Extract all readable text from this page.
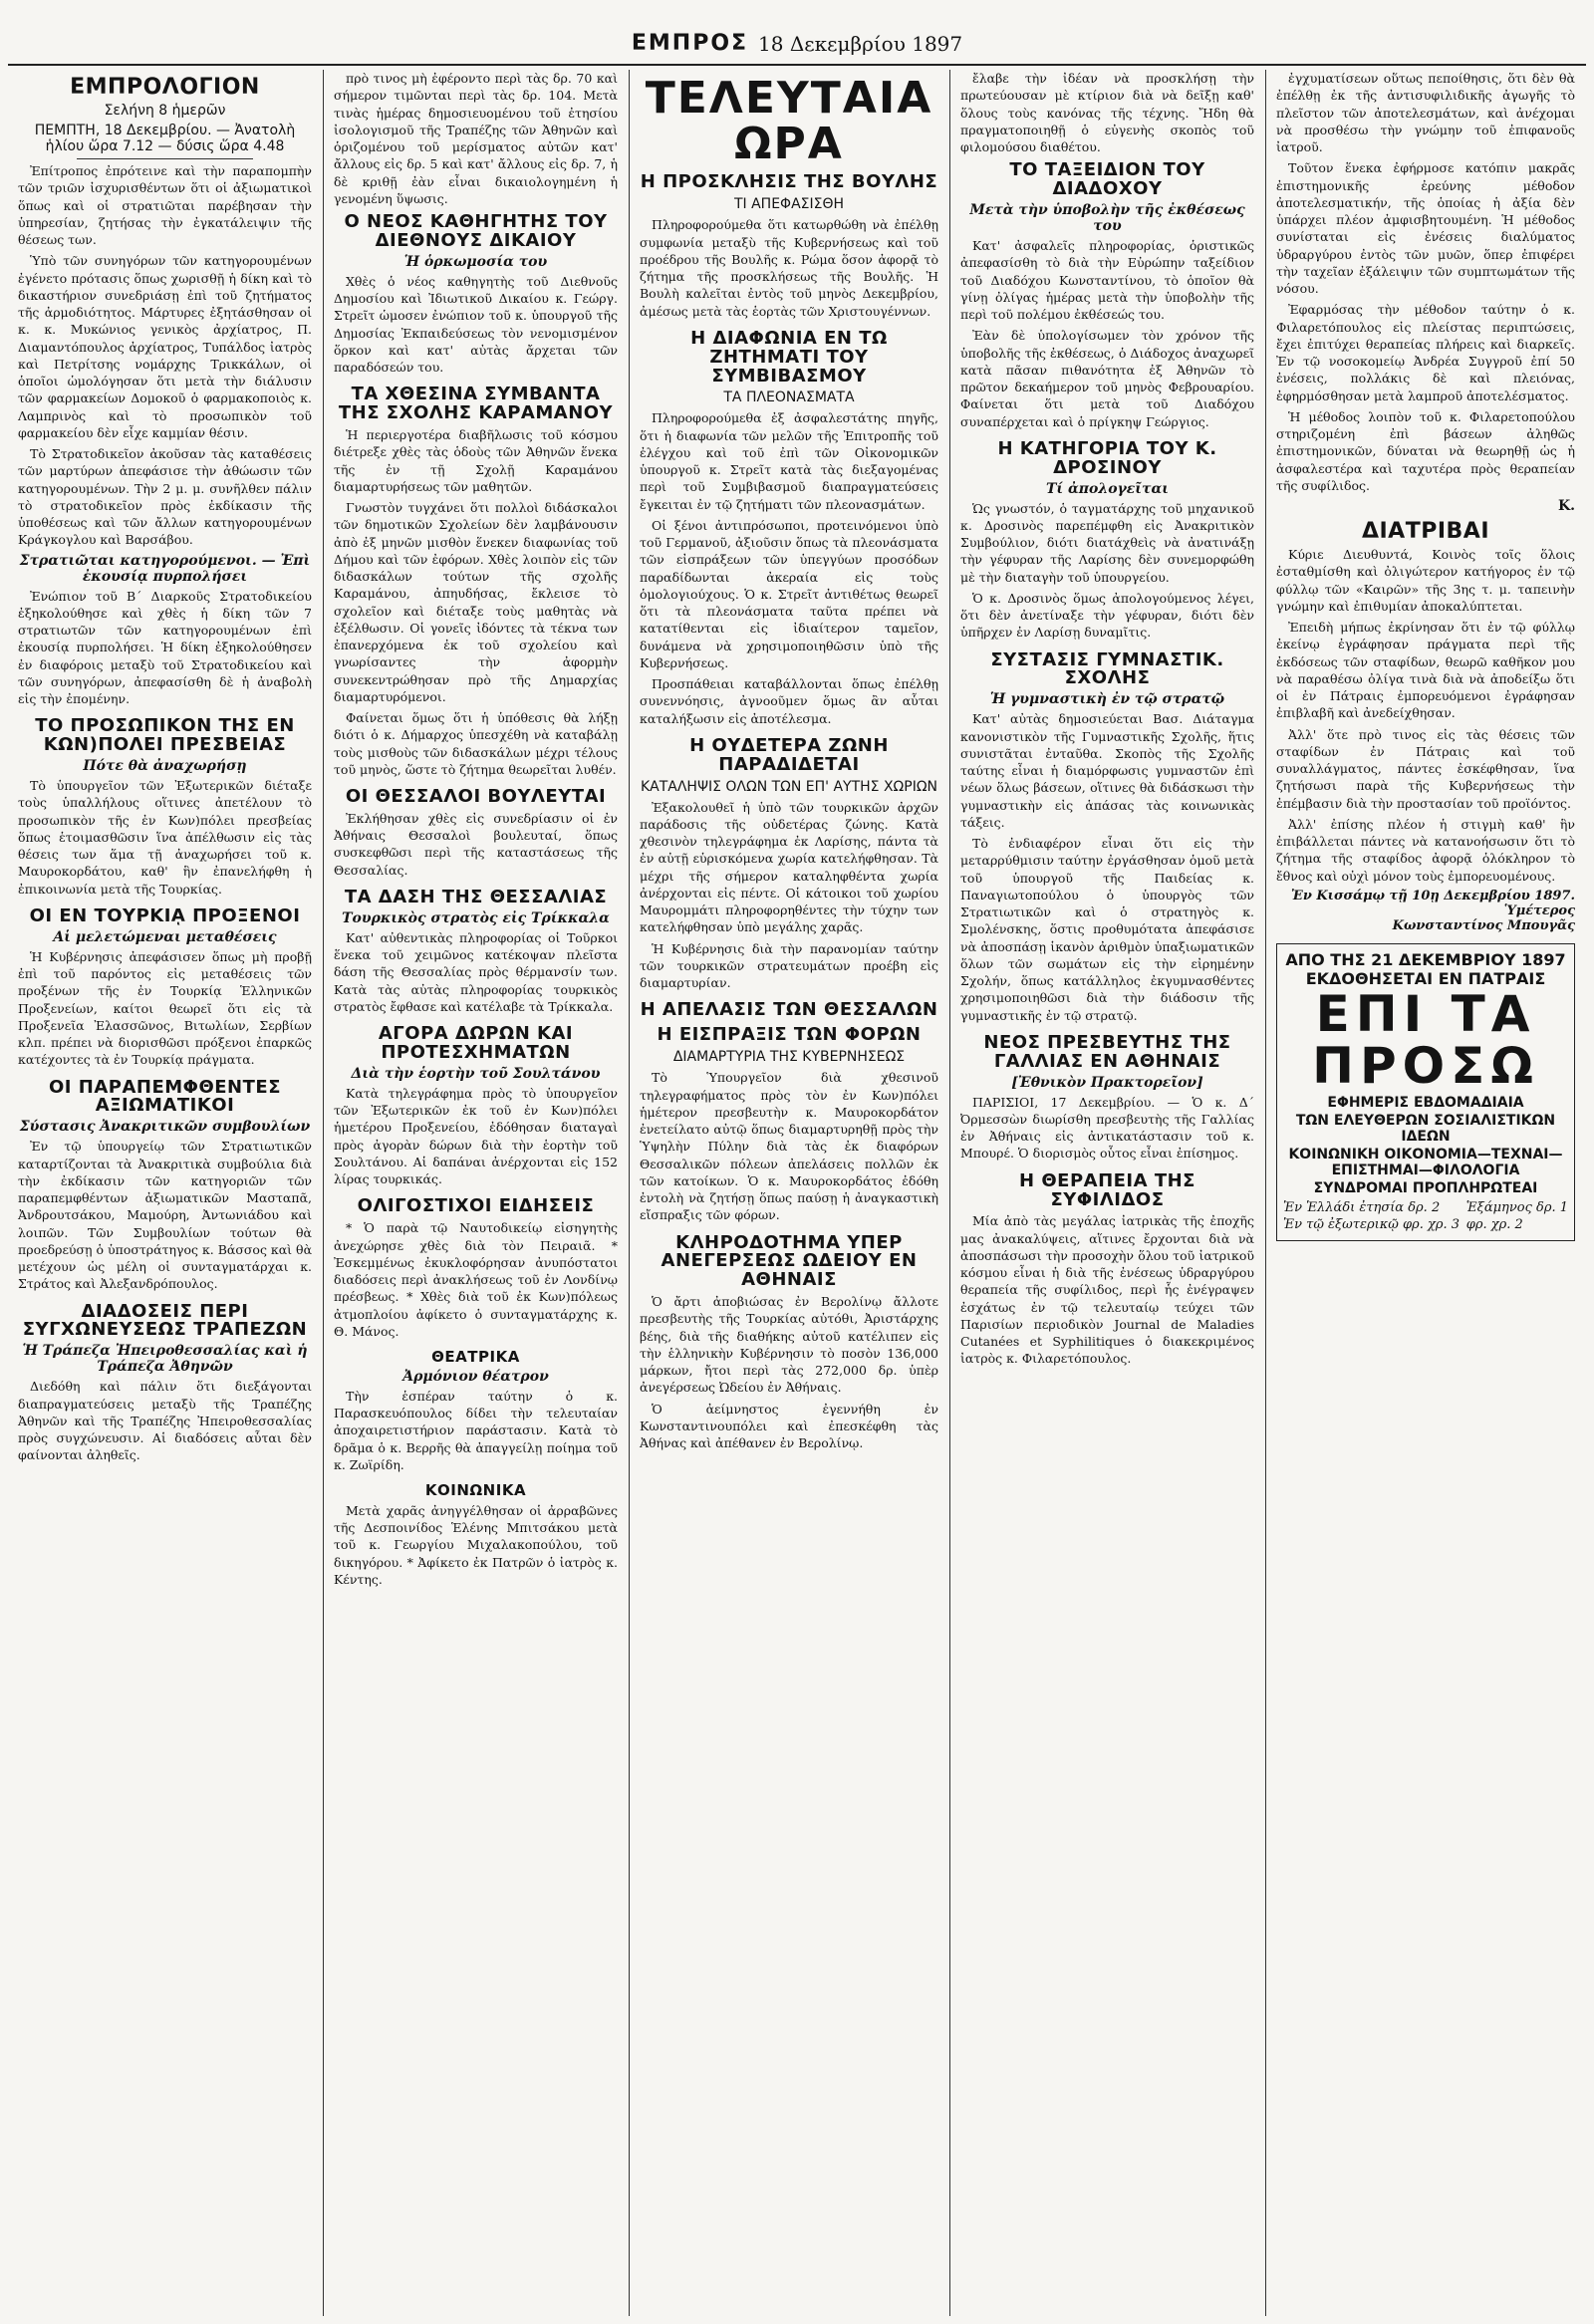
ΕΜΠΡΟΣ 18 Δεκεμβρίου 1897
ΕΜΠΡΟΛΟΓΙΟΝ
Σελήνη 8 ἡμερῶν
ΠΕΜΠΤΗ, 18 Δεκεμβρίου. — Ἀνατολὴ ἡλίου ὥρα 7.12 — δύσις ὥρα 4.48

Ἐπίτροπος ἐπρότεινε καὶ τὴν παραπομπὴν τῶν τριῶν ἰσχυρισθέντων ὅτι οἱ ἀξιωματικοὶ ὅπως καὶ οἱ στρατιῶται παρέβησαν τὴν ὑπηρεσίαν, ζητήσας τὴν ἐγκατάλειψιν τῆς θέσεως των.

Ὑπὸ τῶν συνηγόρων τῶν κατηγορουμένων ἐγένετο πρότασις ὅπως χωρισθῇ ἡ δίκη καὶ τὸ δικαστήριον συνεδριάσῃ ἐπὶ τοῦ ζητήματος τῆς ἀρμοδιότητος. Μάρτυρες ἐξητάσθησαν οἱ κ. κ. Μυκώνιος γενικὸς ἀρχίατρος, Π. Διαμαντόπουλος ἀρχίατρος, Τυπάλδος ἰατρὸς καὶ Πετρίτσης νομάρχης Τρικκάλων, οἱ ὁποῖοι ὡμολόγησαν ὅτι μετὰ τὴν διάλυσιν τῶν φαρμακείων Δομοκοῦ ὁ φαρμακοποιὸς κ. Λαμπρινὸς καὶ τὸ προσωπικὸν τοῦ φαρμακείου δὲν εἶχε καμμίαν θέσιν.

Τὸ Στρατοδικεῖον ἀκοῦσαν τὰς καταθέσεις τῶν μαρτύρων ἀπεφάσισε τὴν ἀθώωσιν τῶν κατηγορουμένων. Τὴν 2 μ. μ. συνῆλθεν πάλιν τὸ στρατοδικεῖον πρὸς ἐκδίκασιν τῆς ὑποθέσεως καὶ τῶν ἄλλων κατηγορουμένων Κράγκογλου καὶ Βαρσάβου.

Στρατιῶται κατηγορούμενοι. — Ἐπὶ ἐκουσίᾳ πυρπολήσει

Ἐνώπιον τοῦ Β΄ Διαρκοῦς Στρατοδικείου ἐξηκολούθησε καὶ χθὲς ἡ δίκη τῶν 7 στρατιωτῶν τῶν κατηγορουμένων ἐπὶ ἐκουσίᾳ πυρπολήσει. Ἡ δίκη ἐξηκολούθησεν ἐν διαφόροις μεταξὺ τοῦ Στρατοδικείου καὶ τῶν συνηγόρων, ἀπεφασίσθη δὲ ἡ ἀναβολὴ εἰς τὴν ἐπομένην.

ΤΟ ΠΡΟΣΩΠΙΚΟΝ ΤΗΣ ΕΝ ΚΩΝ)ΠΟΛΕΙ ΠΡΕΣΒΕΙΑΣ
Πότε θὰ ἀναχωρήσῃ

Τὸ ὑπουργεῖον τῶν Ἐξωτερικῶν διέταξε τοὺς ὑπαλλήλους οἵτινες ἀπετέλουν τὸ προσωπικὸν τῆς ἐν Κων)πόλει πρεσβείας ὅπως ἑτοιμασθῶσιν ἵνα ἀπέλθωσιν εἰς τὰς θέσεις των ἅμα τῇ ἀναχωρήσει τοῦ κ. Μαυροκορδάτου, καθ' ἣν ἐπανελήφθη ἡ ἐπικοινωνία μετὰ τῆς Τουρκίας.

ΟΙ ΕΝ ΤΟΥΡΚΙᾼ ΠΡΟΞΕΝΟΙ
Αἱ μελετώμεναι μεταθέσεις

Ἡ Κυβέρνησις ἀπεφάσισεν ὅπως μὴ προβῇ ἐπὶ τοῦ παρόντος εἰς μεταθέσεις τῶν προξένων τῆς ἐν Τουρκίᾳ Ἑλληνικῶν Προξενείων, καίτοι θεωρεῖ ὅτι εἰς τὰ Προξενεῖα Ἐλασσῶνος, Βιτωλίων, Σερβίων κλπ. πρέπει νὰ διορισθῶσι πρόξενοι ἐπαρκῶς κατέχοντες τὰ ἐν Τουρκίᾳ πράγματα.

ΟΙ ΠΑΡΑΠΕΜΦΘΕΝΤΕΣ ΑΞΙΩΜΑΤΙΚΟΙ
Σύστασις Ἀνακριτικῶν συμβουλίων

Ἐν τῷ ὑπουργείῳ τῶν Στρατιωτικῶν καταρτίζονται τὰ Ἀνακριτικὰ συμβούλια διὰ τὴν ἐκδίκασιν τῶν κατηγοριῶν τῶν παραπεμφθέντων ἀξιωματικῶν Μασταπᾶ, Ἀνδρουτσάκου, Μαμούρη, Ἀντωνιάδου καὶ λοιπῶν. Τῶν Συμβουλίων τούτων θὰ προεδρεύσῃ ὁ ὑποστράτηγος κ. Βάσσος καὶ θὰ μετέχουν ὡς μέλη οἱ συνταγματάρχαι κ. Στράτος καὶ Ἀλεξανδρόπουλος.

ΔΙΑΔΟΣΕΙΣ ΠΕΡΙ ΣΥΓΧΩΝΕΥΣΕΩΣ ΤΡΑΠΕΖΩΝ
Ἡ Τράπεζα Ἠπειροθεσσαλίας καὶ ἡ Τράπεζα Ἀθηνῶν

Διεδόθη καὶ πάλιν ὅτι διεξάγονται διαπραγματεύσεις μεταξὺ τῆς Τραπέζης Ἀθηνῶν καὶ τῆς Τραπέζης Ἠπειροθεσσαλίας πρὸς συγχώνευσιν. Αἱ διαδόσεις αὗται δὲν φαίνονται ἀληθεῖς.

πρὸ τινος μὴ ἐφέροντο περὶ τὰς δρ. 70 καὶ σήμερον τιμῶνται περὶ τὰς δρ. 104. Μετὰ τινὰς ἡμέρας δημοσιευομένου τοῦ ἐτησίου ἰσολογισμοῦ τῆς Τραπέζης τῶν Ἀθηνῶν καὶ ὁριζομένου τοῦ μερίσματος αὐτῶν κατ' ἄλλους εἰς δρ. 5 καὶ κατ' ἄλλους εἰς δρ. 7, ἡ δὲ κριθῇ ἐὰν εἶναι δικαιολογημένη ἡ γενομένη ὕψωσις.

Ο ΝΕΟΣ ΚΑΘΗΓΗΤΗΣ ΤΟΥ ΔΙΕΘΝΟΥΣ ΔΙΚΑΙΟΥ
Ἡ ὁρκωμοσία του

Χθὲς ὁ νέος καθηγητὴς τοῦ Διεθνοῦς Δημοσίου καὶ Ἰδιωτικοῦ Δικαίου κ. Γεώργ. Στρεῖτ ὡμοσεν ἐνώπιον τοῦ κ. ὑπουργοῦ τῆς Δημοσίας Ἐκπαιδεύσεως τὸν νενομισμένον ὅρκον καὶ κατ' αὐτὰς ἄρχεται τῶν παραδόσεών του.

ΤΑ ΧΘΕΣΙΝΑ ΣΥΜΒΑΝΤΑ ΤΗΣ ΣΧΟΛΗΣ ΚΑΡΑΜΑΝΟΥ

Ἡ περιεργοτέρα διαβῆλωσις τοῦ κόσμου διέτρεξε χθὲς τὰς ὁδοὺς τῶν Ἀθηνῶν ἕνεκα τῆς ἐν τῇ Σχολῇ Καραμάνου διαμαρτυρήσεως τῶν μαθητῶν.

Γνωστὸν τυγχάνει ὅτι πολλοὶ διδάσκαλοι τῶν δημοτικῶν Σχολείων δὲν λαμβάνουσιν ἀπὸ ἐξ μηνῶν μισθὸν ἕνεκεν διαφωνίας τοῦ Δήμου καὶ τῶν ἐφόρων. Χθὲς λοιπὸν εἰς τῶν διδασκάλων τούτων τῆς σχολῆς Καραμάνου, ἀπηυδήσας, ἔκλεισε τὸ σχολεῖον καὶ διέταξε τοὺς μαθητὰς νὰ ἐξέλθωσιν. Οἱ γονεῖς ἰδόντες τὰ τέκνα των ἐπανερχόμενα ἐκ τοῦ σχολείου καὶ γνωρίσαντες τὴν ἀφορμὴν συνεκεντρώθησαν πρὸ τῆς Δημαρχίας διαμαρτυρόμενοι.

Φαίνεται ὅμως ὅτι ἡ ὑπόθεσις θὰ λήξῃ διότι ὁ κ. Δήμαρχος ὑπεσχέθη νὰ καταβάλῃ τοὺς μισθοὺς τῶν διδασκάλων μέχρι τέλους τοῦ μηνὸς, ὥστε τὸ ζήτημα θεωρεῖται λυθέν.

ΟΙ ΘΕΣΣΑΛΟΙ ΒΟΥΛΕΥΤΑΙ

Ἐκλήθησαν χθὲς εἰς συνεδρίασιν οἱ ἐν Ἀθήναις Θεσσαλοὶ βουλευταί, ὅπως συσκεφθῶσι περὶ τῆς καταστάσεως τῆς Θεσσαλίας.

ΤΑ ΔΑΣΗ ΤΗΣ ΘΕΣΣΑΛΙΑΣ
Τουρκικὸς στρατὸς εἰς Τρίκκαλα

Κατ' αὐθεντικὰς πληροφορίας οἱ Τοῦρκοι ἕνεκα τοῦ χειμῶνος κατέκοψαν πλεῖστα δάση τῆς Θεσσαλίας πρὸς θέρμανσίν των. Κατὰ τὰς αὐτὰς πληροφορίας τουρκικὸς στρατὸς ἔφθασε καὶ κατέλαβε τὰ Τρίκκαλα.

ΑΓΟΡΑ ΔΩΡΩΝ ΚΑΙ ΠΡΟΤΕΣΧΗΜΑΤΩΝ
Διὰ τὴν ἑορτὴν τοῦ Σουλτάνου

Κατὰ τηλεγράφημα πρὸς τὸ ὑπουργεῖον τῶν Ἐξωτερικῶν ἐκ τοῦ ἐν Κων)πόλει ἡμετέρου Προξενείου, ἐδόθησαν διαταγαὶ πρὸς ἀγορὰν δώρων διὰ τὴν ἑορτὴν τοῦ Σουλτάνου. Αἱ δαπάναι ἀνέρχονται εἰς 152 λίρας τουρκικάς.

ΟΛΙΓΟΣΤΙΧΟΙ ΕΙΔΗΣΕΙΣ

* Ὁ παρὰ τῷ Ναυτοδικείῳ εἰσηγητὴς ἀνεχώρησε χθὲς διὰ τὸν Πειραιᾶ. * Ἐσκεμμένως ἐκυκλοφόρησαν ἀνυπόστατοι διαδόσεις περὶ ἀνακλήσεως τοῦ ἐν Λονδίνῳ πρέσβεως. * Χθὲς διὰ τοῦ ἐκ Κων)πόλεως ἀτμοπλοίου ἀφίκετο ὁ συνταγματάρχης κ. Θ. Μάνος.

ΘΕΑΤΡΙΚΑ
Ἀρμόνιον θέατρον

Τὴν ἑσπέραν ταύτην ὁ κ. Παρασκευόπουλος δίδει τὴν τελευταίαν ἀποχαιρετιστήριον παράστασιν. Κατὰ τὸ δρᾶμα ὁ κ. Βερρῆς θὰ ἀπαγγείλῃ ποίημα τοῦ κ. Ζωϊρίδη.

ΚΟΙΝΩΝΙΚΑ

Μετὰ χαρᾶς ἀνηγγέλθησαν οἱ ἀρραβῶνες τῆς Δεσποινίδος Ἑλένης Μπιτσάκου μετὰ τοῦ κ. Γεωργίου Μιχαλακοπούλου, τοῦ δικηγόρου. * Ἀφίκετο ἐκ Πατρῶν ὁ ἰατρὸς κ. Κέντης.

ΤΕΛΕΥΤΑΙΑ ΩΡΑ
Η ΠΡΟΣΚΛΗΣΙΣ ΤΗΣ ΒΟΥΛΗΣ
ΤΙ ΑΠΕΦΑΣΙΣΘΗ

Πληροφορούμεθα ὅτι κατωρθώθη νὰ ἐπέλθῃ συμφωνία μεταξὺ τῆς Κυβερνήσεως καὶ τοῦ προέδρου τῆς Βουλῆς κ. Ρώμα ὅσον ἀφορᾷ τὸ ζήτημα τῆς προσκλήσεως τῆς Βουλῆς. Ἡ Βουλὴ καλεῖται ἐντὸς τοῦ μηνὸς Δεκεμβρίου, ἀμέσως μετὰ τὰς ἑορτὰς τῶν Χριστουγέννων.

Η ΔΙΑΦΩΝΙΑ ΕΝ ΤΩ ΖΗΤΗΜΑΤΙ ΤΟΥ ΣΥΜΒΙΒΑΣΜΟΥ
ΤΑ ΠΛΕΟΝΑΣΜΑΤΑ

Πληροφορούμεθα ἐξ ἀσφαλεστάτης πηγῆς, ὅτι ἡ διαφωνία τῶν μελῶν τῆς Ἐπιτροπῆς τοῦ ἐλέγχου καὶ τοῦ ἐπὶ τῶν Οἰκονομικῶν ὑπουργοῦ κ. Στρεῖτ κατὰ τὰς διεξαγομένας περὶ τοῦ Συμβιβασμοῦ διαπραγματεύσεις ἔγκειται ἐν τῷ ζητήματι τῶν πλεονασμάτων.

Οἱ ξένοι ἀντιπρόσωποι, προτεινόμενοι ὑπὸ τοῦ Γερμανοῦ, ἀξιοῦσιν ὅπως τὰ πλεονάσματα τῶν εἰσπράξεων τῶν ὑπεγγύων προσόδων παραδίδωνται ἀκεραία εἰς τοὺς ὁμολογιούχους. Ὁ κ. Στρεῖτ ἀντιθέτως θεωρεῖ ὅτι τὰ πλεονάσματα ταῦτα πρέπει νὰ κατατίθενται εἰς ἰδιαίτερον ταμεῖον, δυνάμενα νὰ χρησιμοποιηθῶσιν ὑπὸ τῆς Κυβερνήσεως.

Προσπάθειαι καταβάλλονται ὅπως ἐπέλθῃ συνεννόησις, ἀγνοοῦμεν ὅμως ἂν αὗται καταλήξωσιν εἰς ἀποτέλεσμα.

Η ΟΥΔΕΤΕΡΑ ΖΩΝΗ ΠΑΡΑΔΙΔΕΤΑΙ
ΚΑΤΑΛΗΨΙΣ ΟΛΩΝ ΤΩΝ ΕΠ' ΑΥΤΗΣ ΧΩΡΙΩΝ

Ἐξακολουθεῖ ἡ ὑπὸ τῶν τουρκικῶν ἀρχῶν παράδοσις τῆς οὐδετέρας ζώνης. Κατὰ χθεσινὸν τηλεγράφημα ἐκ Λαρίσης, πάντα τὰ ἐν αὐτῇ εὑρισκόμενα χωρία κατελήφθησαν. Τὰ μέχρι τῆς σήμερον καταληφθέντα χωρία ἀνέρχονται εἰς πέντε. Οἱ κάτοικοι τοῦ χωρίου Μαυρομμάτι πληροφορηθέντες τὴν τύχην των κατελήφθησαν ὑπὸ μεγάλης χαρᾶς.

Ἡ Κυβέρνησις διὰ τὴν παρανομίαν ταύτην τῶν τουρκικῶν στρατευμάτων προέβη εἰς διαμαρτυρίαν.

Η ΑΠΕΛΑΣΙΣ ΤΩΝ ΘΕΣΣΑΛΩΝ
Η ΕΙΣΠΡΑΞΙΣ ΤΩΝ ΦΟΡΩΝ
ΔΙΑΜΑΡΤΥΡΙΑ ΤΗΣ ΚΥΒΕΡΝΗΣΕΩΣ

Τὸ Ὑπουργεῖον διὰ χθεσινοῦ τηλεγραφήματος πρὸς τὸν ἐν Κων)πόλει ἡμέτερον πρεσβευτὴν κ. Μαυροκορδάτον ἐνετείλατο αὐτῷ ὅπως διαμαρτυρηθῇ πρὸς τὴν Ὑψηλὴν Πύλην διὰ τὰς ἐκ διαφόρων Θεσσαλικῶν πόλεων ἀπελάσεις πολλῶν ἐκ τῶν κατοίκων. Ὁ κ. Μαυροκορδάτος ἐδόθη ἐντολὴ νὰ ζητήσῃ ὅπως παύσῃ ἡ ἀναγκαστικὴ εἴσπραξις τῶν φόρων.

ΚΛΗΡΟΔΟΤΗΜΑ ΥΠΕΡ ΑΝΕΓΕΡΣΕΩΣ ΩΔΕΙΟΥ ΕΝ ΑΘΗΝΑΙΣ

Ὁ ἄρτι ἀποβιώσας ἐν Βερολίνῳ ἄλλοτε πρεσβευτὴς τῆς Τουρκίας αὐτόθι, Ἀριστάρχης βέης, διὰ τῆς διαθήκης αὐτοῦ κατέλιπεν εἰς τὴν ἑλληνικὴν Κυβέρνησιν τὸ ποσὸν 136,000 μάρκων, ἤτοι περὶ τὰς 272,000 δρ. ὑπὲρ ἀνεγέρσεως Ὠδείου ἐν Ἀθήναις.

Ὁ ἀείμνηστος ἐγεννήθη ἐν Κωνσταντινουπόλει καὶ ἐπεσκέφθη τὰς Ἀθήνας καὶ ἀπέθανεν ἐν Βερολίνῳ.

ἔλαβε τὴν ἰδέαν νὰ προσκλήσῃ τὴν πρωτεύουσαν μὲ κτίριον διὰ νὰ δεῖξῃ καθ' ὅλους τοὺς κανόνας τῆς τέχνης. Ἤδη θὰ πραγματοποιηθῇ ὁ εὐγενὴς σκοπὸς τοῦ φιλομούσου διαθέτου.

ΤΟ ΤΑΞΕΙΔΙΟΝ ΤΟΥ ΔΙΑΔΟΧΟΥ
Μετὰ τὴν ὑποβολὴν τῆς ἐκθέσεως του

Κατ' ἀσφαλεῖς πληροφορίας, ὁριστικῶς ἀπεφασίσθη τὸ διὰ τὴν Εὐρώπην ταξείδιον τοῦ Διαδόχου Κωνσταντίνου, τὸ ὁποῖον θὰ γίνῃ ὀλίγας ἡμέρας μετὰ τὴν ὑποβολὴν τῆς περὶ τοῦ πολέμου ἐκθέσεώς του.

Ἐὰν δὲ ὑπολογίσωμεν τὸν χρόνον τῆς ὑποβολῆς τῆς ἐκθέσεως, ὁ Διάδοχος ἀναχωρεῖ κατὰ πᾶσαν πιθανότητα ἐξ Ἀθηνῶν τὸ πρῶτον δεκαήμερον τοῦ μηνὸς Φεβρουαρίου. Φαίνεται ὅτι μετὰ τοῦ Διαδόχου συναπέρχεται καὶ ὁ πρίγκηψ Γεώργιος.

Η ΚΑΤΗΓΟΡΙΑ ΤΟΥ Κ. ΔΡΟΣΙΝΟΥ
Τί ἀπολογεῖται

Ὡς γνωστόν, ὁ ταγματάρχης τοῦ μηχανικοῦ κ. Δροσινὸς παρεπέμφθη εἰς Ἀνακριτικὸν Συμβούλιον, διότι διατάχθεὶς νὰ ἀνατινάξῃ τὴν γέφυραν τῆς Λαρίσης δὲν συνεμορφώθη μὲ τὴν διαταγὴν τοῦ ὑπουργείου.

Ὁ κ. Δροσινὸς ὅμως ἀπολογούμενος λέγει, ὅτι δὲν ἀνετίναξε τὴν γέφυραν, διότι δὲν ὑπῆρχεν ἐν Λαρίσῃ δυναμῖτις.

ΣΥΣΤΑΣΙΣ ΓΥΜΝΑΣΤΙΚ. ΣΧΟΛΗΣ
Ἡ γυμναστικὴ ἐν τῷ στρατῷ

Κατ' αὐτὰς δημοσιεύεται Βασ. Διάταγμα κανονιστικὸν τῆς Γυμναστικῆς Σχολῆς, ἥτις συνιστᾶται ἐνταῦθα. Σκοπὸς τῆς Σχολῆς ταύτης εἶναι ἡ διαμόρφωσις γυμναστῶν ἐπὶ νέων ὅλως βάσεων, οἵτινες θὰ διδάσκωσι τὴν γυμναστικὴν εἰς ἁπάσας τὰς κοινωνικὰς τάξεις.

Τὸ ἐνδιαφέρον εἶναι ὅτι εἰς τὴν μεταρρύθμισιν ταύτην ἐργάσθησαν ὁμοῦ μετὰ τοῦ ὑπουργοῦ τῆς Παιδείας κ. Παναγιωτοπούλου ὁ ὑπουργὸς τῶν Στρατιωτικῶν καὶ ὁ στρατηγὸς κ. Σμολένσκης, ὅστις προθυμότατα ἀπεφάσισε νὰ ἀποσπάσῃ ἱκανὸν ἀριθμὸν ὑπαξιωματικῶν ὅλων τῶν σωμάτων εἰς τὴν εἰρημένην Σχολήν, ὅπως κατάλληλος ἐκγυμνασθέντες χρησιμοποιηθῶσι διὰ τὴν διάδοσιν τῆς γυμναστικῆς ἐν τῷ στρατῷ.

ΝΕΟΣ ΠΡΕΣΒΕΥΤΗΣ ΤΗΣ ΓΑΛΛΙΑΣ ΕΝ ΑΘΗΝΑΙΣ
[Ἐθνικὸν Πρακτορεῖον]

ΠΑΡΙΣΙΟΙ, 17 Δεκεμβρίου. — Ὁ κ. Δ΄ Ὀρμεσσὼν διωρίσθη πρεσβευτὴς τῆς Γαλλίας ἐν Ἀθήναις εἰς ἀντικατάστασιν τοῦ κ. Μπουρέ. Ὁ διορισμὸς οὗτος εἶναι ἐπίσημος.

Η ΘΕΡΑΠΕΙΑ ΤΗΣ ΣΥΦΙΛΙΔΟΣ

Μία ἀπὸ τὰς μεγάλας ἰατρικὰς τῆς ἐποχῆς μας ἀνακαλύψεις, αἵτινες ἔρχονται διὰ νὰ ἀποσπάσωσι τὴν προσοχὴν ὅλου τοῦ ἰατρικοῦ κόσμου εἶναι ἡ διὰ τῆς ἐνέσεως ὑδραργύρου θεραπεία τῆς συφίλιδος, περὶ ἧς ἐνέγραψεν ἐσχάτως ἐν τῷ τελευταίῳ τεύχει τῶν Παρισίων περιοδικὸν Journal de Maladies Cutanées et Syphilitiques ὁ διακεκριμένος ἰατρὸς κ. Φιλαρετόπουλος.

ἐγχυματίσεων οὕτως πεποίθησις, ὅτι δὲν θὰ ἐπέλθῃ ἐκ τῆς ἀντισυφιλιδικῆς ἀγωγῆς τὸ πλεῖστον τῶν ἀποτελεσμάτων, καὶ ἀνέχομαι νὰ προσθέσω τὴν γνώμην τοῦ ἐπιφανοῦς ἰατροῦ.

Τοῦτον ἕνεκα ἐφήρμοσε κατόπιν μακρᾶς ἐπιστημονικῆς ἐρεύνης μέθοδον ἀποτελεσματικήν, τῆς ὁποίας ἡ ἀξία δὲν ὑπάρχει πλέον ἀμφισβητουμένη. Ἡ μέθοδος συνίσταται εἰς ἐνέσεις διαλύματος ὑδραργύρου ἐντὸς τῶν μυῶν, ὅπερ ἐπιφέρει τὴν ταχεῖαν ἐξάλειψιν τῶν συμπτωμάτων τῆς νόσου.

Ἐφαρμόσας τὴν μέθοδον ταύτην ὁ κ. Φιλαρετόπουλος εἰς πλείστας περιπτώσεις, ἔχει ἐπιτύχει θεραπείας πλήρεις καὶ διαρκεῖς. Ἐν τῷ νοσοκομείῳ Ἀνδρέα Συγγροῦ ἐπί 50 ἐνέσεις, πολλάκις δὲ καὶ πλειόνας, ἐφηρμόσθησαν μετὰ λαμπροῦ ἀποτελέσματος.

Ἡ μέθοδος λοιπὸν τοῦ κ. Φιλαρετοπούλου στηριζομένη ἐπὶ βάσεων ἀληθῶς ἐπιστημονικῶν, δύναται νὰ θεωρηθῇ ὡς ἡ ἀσφαλεστέρα καὶ ταχυτέρα πρὸς θεραπείαν τῆς συφίλιδος.

Κ.
ΔΙΑΤΡΙΒΑΙ

Κύριε Διευθυντά, Κοινὸς τοῖς ὅλοις ἐσταθμίσθη καὶ ὀλιγώτερον κατήγορος ἐν τῷ φύλλῳ τῶν «Καιρῶν» τῆς 3ης τ. μ. ταπεινὴν γνώμην καὶ ἐπιθυμίαν ἀποκαλύπτεται.

Ἐπειδὴ μήπως ἐκρίνησαν ὅτι ἐν τῷ φύλλῳ ἐκείνῳ ἐγράφησαν πράγματα περὶ τῆς ἐκδόσεως τῶν σταφίδων, θεωρῶ καθῆκον μου νὰ παραθέσω ὀλίγα τινὰ διὰ νὰ ἀποδείξω ὅτι οἱ ἐν Πάτραις ἐμπορευόμενοι ἐγράφησαν ἐπιβλαβῆ καὶ ἀνεδείχθησαν.

Ἀλλ' ὅτε πρὸ τινος εἰς τὰς θέσεις τῶν σταφίδων ἐν Πάτραις καὶ τοῦ συναλλάγματος, πάντες ἐσκέφθησαν, ἵνα ζητήσωσι παρὰ τῆς Κυβερνήσεως τὴν ἐπέμβασιν διὰ τὴν προστασίαν τοῦ προϊόντος.

Ἀλλ' ἐπίσης πλέον ἡ στιγμὴ καθ' ἣν ἐπιβάλλεται πάντες νὰ κατανοήσωσιν ὅτι τὸ ζήτημα τῆς σταφίδος ἀφορᾷ ὁλόκληρον τὸ ἔθνος καὶ οὐχὶ μόνον τοὺς ἐμπορευομένους.

Ἐν Κισσάμῳ τῇ 10ῃ Δεκεμβρίου 1897.
Ὑμέτερος
Κωνσταντίνος Μπουγᾶς
ΑΠΟ ΤΗΣ 21 ΔΕΚΕΜΒΡΙΟΥ 1897
ΕΚΔΟΘΗΣΕΤΑΙ ΕΝ ΠΑΤΡΑΙΣ
ΕΠΙ ΤΑ ΠΡΟΣΩ
ΕΦΗΜΕΡΙΣ ΕΒΔΟΜΑΔΙΑΙΑ
ΤΩΝ ΕΛΕΥΘΕΡΩΝ ΣΟΣΙΑΛΙΣΤΙΚΩΝ ΙΔΕΩΝ
ΚΟΙΝΩΝΙΚΗ ΟΙΚΟΝΟΜΙΑ—ΤΕΧΝΑΙ—ΕΠΙΣΤΗΜΑΙ—ΦΙΛΟΛΟΓΙΑ
ΣΥΝΔΡΟΜΑΙ ΠΡΟΠΛΗΡΩΤΕΑΙ
Ἐν Ἑλλάδι ἐτησία δρ. 2
Ἐν τῷ ἐξωτερικῷ φρ. χρ. 3
Ἑξάμηνος δρ. 1
φρ. χρ. 2
